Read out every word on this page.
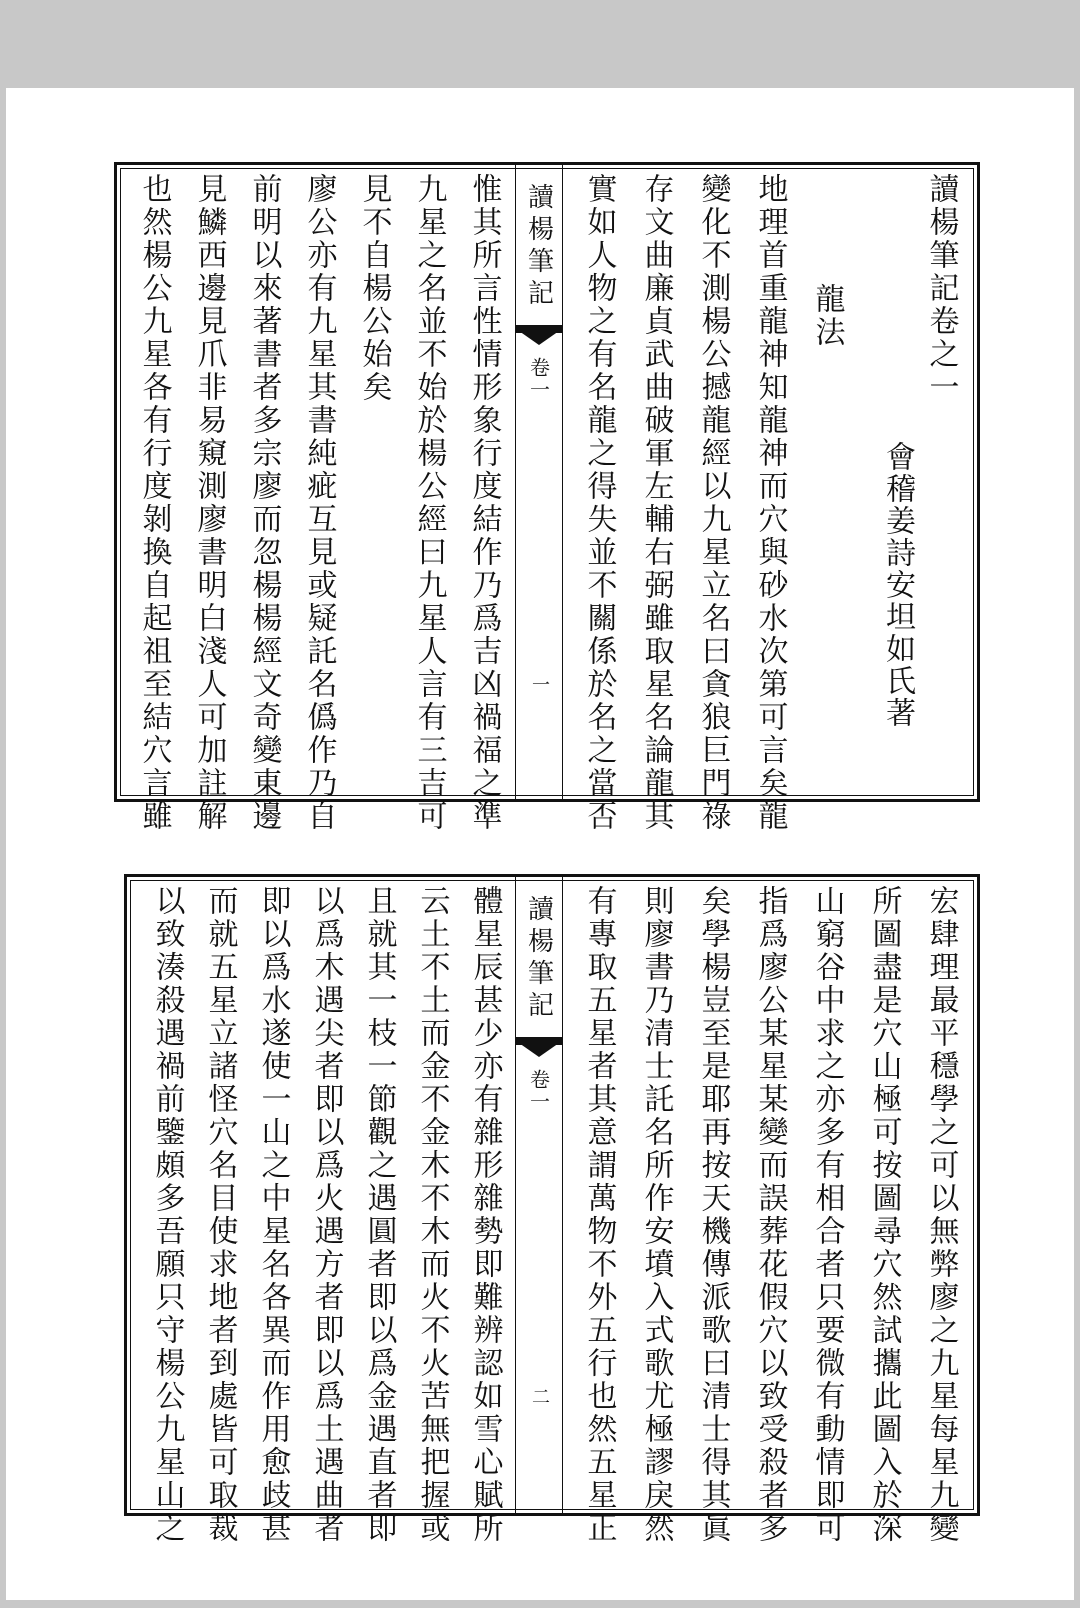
讀楊筆記卷之一
會稽姜詩安坦如氏著
龍法
地理首重龍神知龍神而穴與砂水次第可言矣龍
變化不測楊公撼龍經以九星立名曰貪狼巨門祿
存文曲廉貞武曲破軍左輔右弼雖取星名論龍其
實如人物之有名龍之得失並不關係於名之當否
讀楊筆記
卷一
一
惟其所言性情形象行度結作乃爲吉凶禍福之準
九星之名並不始於楊公經曰九星人言有三吉可
見不自楊公始矣
廖公亦有九星其書純疵互見或疑託名僞作乃自
前明以來著書者多宗廖而忽楊楊經文奇變東邊
見鱗西邊見爪非易窺測廖書明白淺人可加註解
也然楊公九星各有行度剝換自起祖至結穴言雖
宏肆理最平穩學之可以無弊廖之九星每星九變
所圖盡是穴山極可按圖尋穴然試攜此圖入於深
山窮谷中求之亦多有相合者只要微有動情即可
指爲廖公某星某變而誤葬花假穴以致受殺者多
矣學楊豈至是耶再按天機傳派歌曰清士得其眞
則廖書乃清士託名所作安墳入式歌尤極謬戾然
有專取五星者其意謂萬物不外五行也然五星正
讀楊筆記
卷一
二
體星辰甚少亦有雜形雜勢即難辨認如雪心賦所
云土不土而金不金木不木而火不火苦無把握或
且就其一枝一節觀之遇圓者即以爲金遇直者即
以爲木遇尖者即以爲火遇方者即以爲土遇曲者
即以爲水遂使一山之中星名各異而作用愈歧甚
而就五星立諸怪穴名目使求地者到處皆可取裁
以致湊殺遇禍前鑒頗多吾願只守楊公九星山之
